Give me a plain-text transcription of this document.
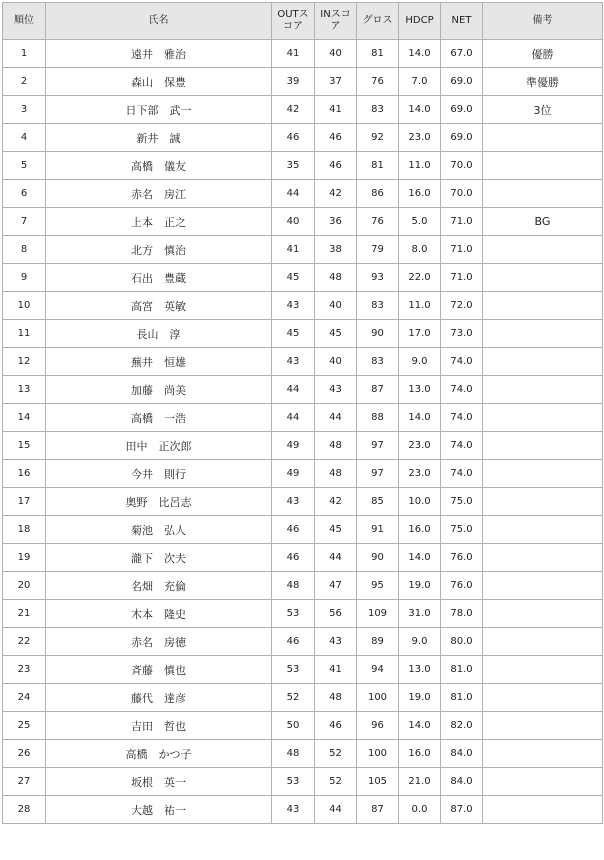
順位	氏名	OUTスコア	INスコア	グロス	HDCP	NET	備考
1	遠井　雅治	41	40	81	14.0	67.0	優勝
2	森山　保豊	39	37	76	7.0	69.0	準優勝
3	日下部　武一	42	41	83	14.0	69.0	3位
4	新井　誠	46	46	92	23.0	69.0	
5	高橋　儀友	35	46	81	11.0	70.0	
6	赤名　房江	44	42	86	16.0	70.0	
7	上本　正之	40	36	76	5.0	71.0	BG
8	北方　慎治	41	38	79	8.0	71.0	
9	石出　豊蔵	45	48	93	22.0	71.0	
10	高宮　英敏	43	40	83	11.0	72.0	
11	長山　淳	45	45	90	17.0	73.0	
12	蕪井　恒雄	43	40	83	9.0	74.0	
13	加藤　尚美	44	43	87	13.0	74.0	
14	高橋　一浩	44	44	88	14.0	74.0	
15	田中　正次郎	49	48	97	23.0	74.0	
16	今井　則行	49	48	97	23.0	74.0	
17	奥野　比呂志	43	42	85	10.0	75.0	
18	菊池　弘人	46	45	91	16.0	75.0	
19	瀧下　次夫	46	44	90	14.0	76.0	
20	名畑　充倫	48	47	95	19.0	76.0	
21	木本　隆史	53	56	109	31.0	78.0	
22	赤名　房徳	46	43	89	9.0	80.0	
23	斉藤　慎也	53	41	94	13.0	81.0	
24	藤代　達彦	52	48	100	19.0	81.0	
25	吉田　哲也	50	46	96	14.0	82.0	
26	高橋　かつ子	48	52	100	16.0	84.0	
27	坂根　英一	53	52	105	21.0	84.0	
28	大越　祐一	43	44	87	0.0	87.0	
